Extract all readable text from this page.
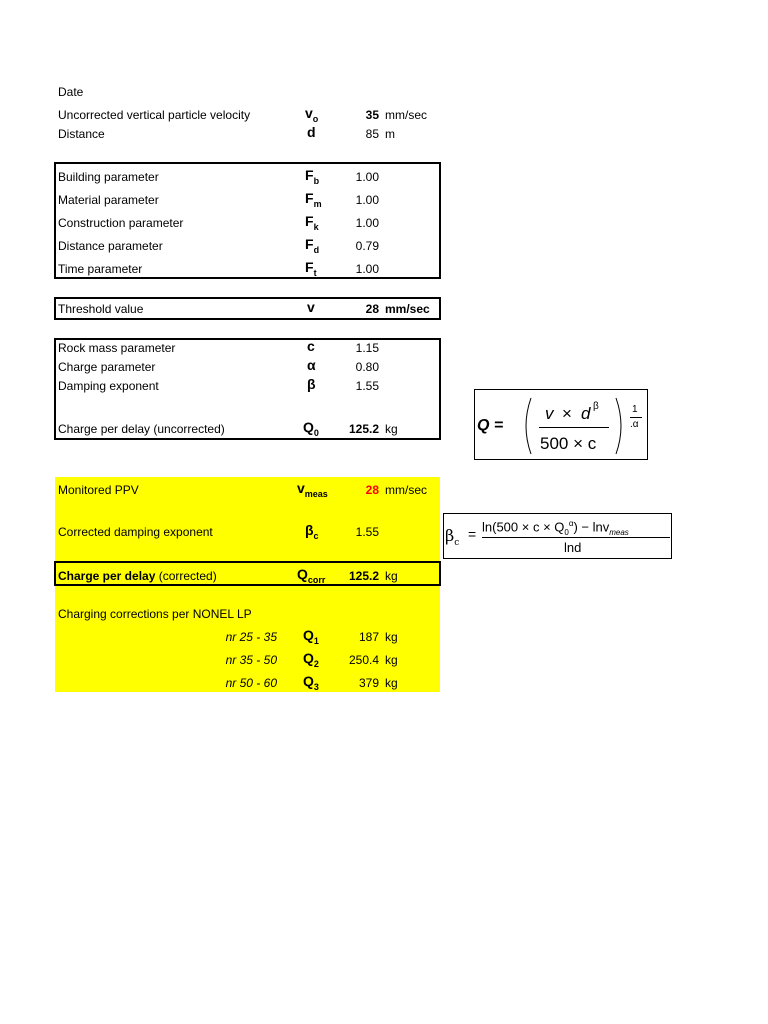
Date
Uncorrected vertical particle velocity	$v_o$	35 mm/sec
Distance	d	85 m
Building parameter	$F_b$	1.00
Material parameter	$F_m$	1.00
Construction parameter	$F_k$	1.00
Distance parameter	$F_d$	0.79
Time parameter	$F_t$	1.00
Threshold value	v	28 mm/sec
Rock mass parameter	c	1.15
Charge parameter	α	0.80
Damping exponent	β	1.55
Charge per delay (uncorrected)	$Q_0$	125.2 kg	Q =
v × d β
500 × c
1
.α
Monitored PPV	$v_{meas}$	28 mm/sec
Corrected damping exponent	$\beta_c$	1.55	$\beta_c$
= $\ln(500 \times c \times Q_0^\alpha) - \ln v_{meas}$
lnd
Charge per delay (corrected)	$Q_{corr}$	125.2 kg
Charging corrections per NONEL LP
nr 25 - 35 $Q_1$	187 kg
nr 35 - 50 $Q_2$	250.4 kg
nr 50 - 60 $Q_3$	379 kg
